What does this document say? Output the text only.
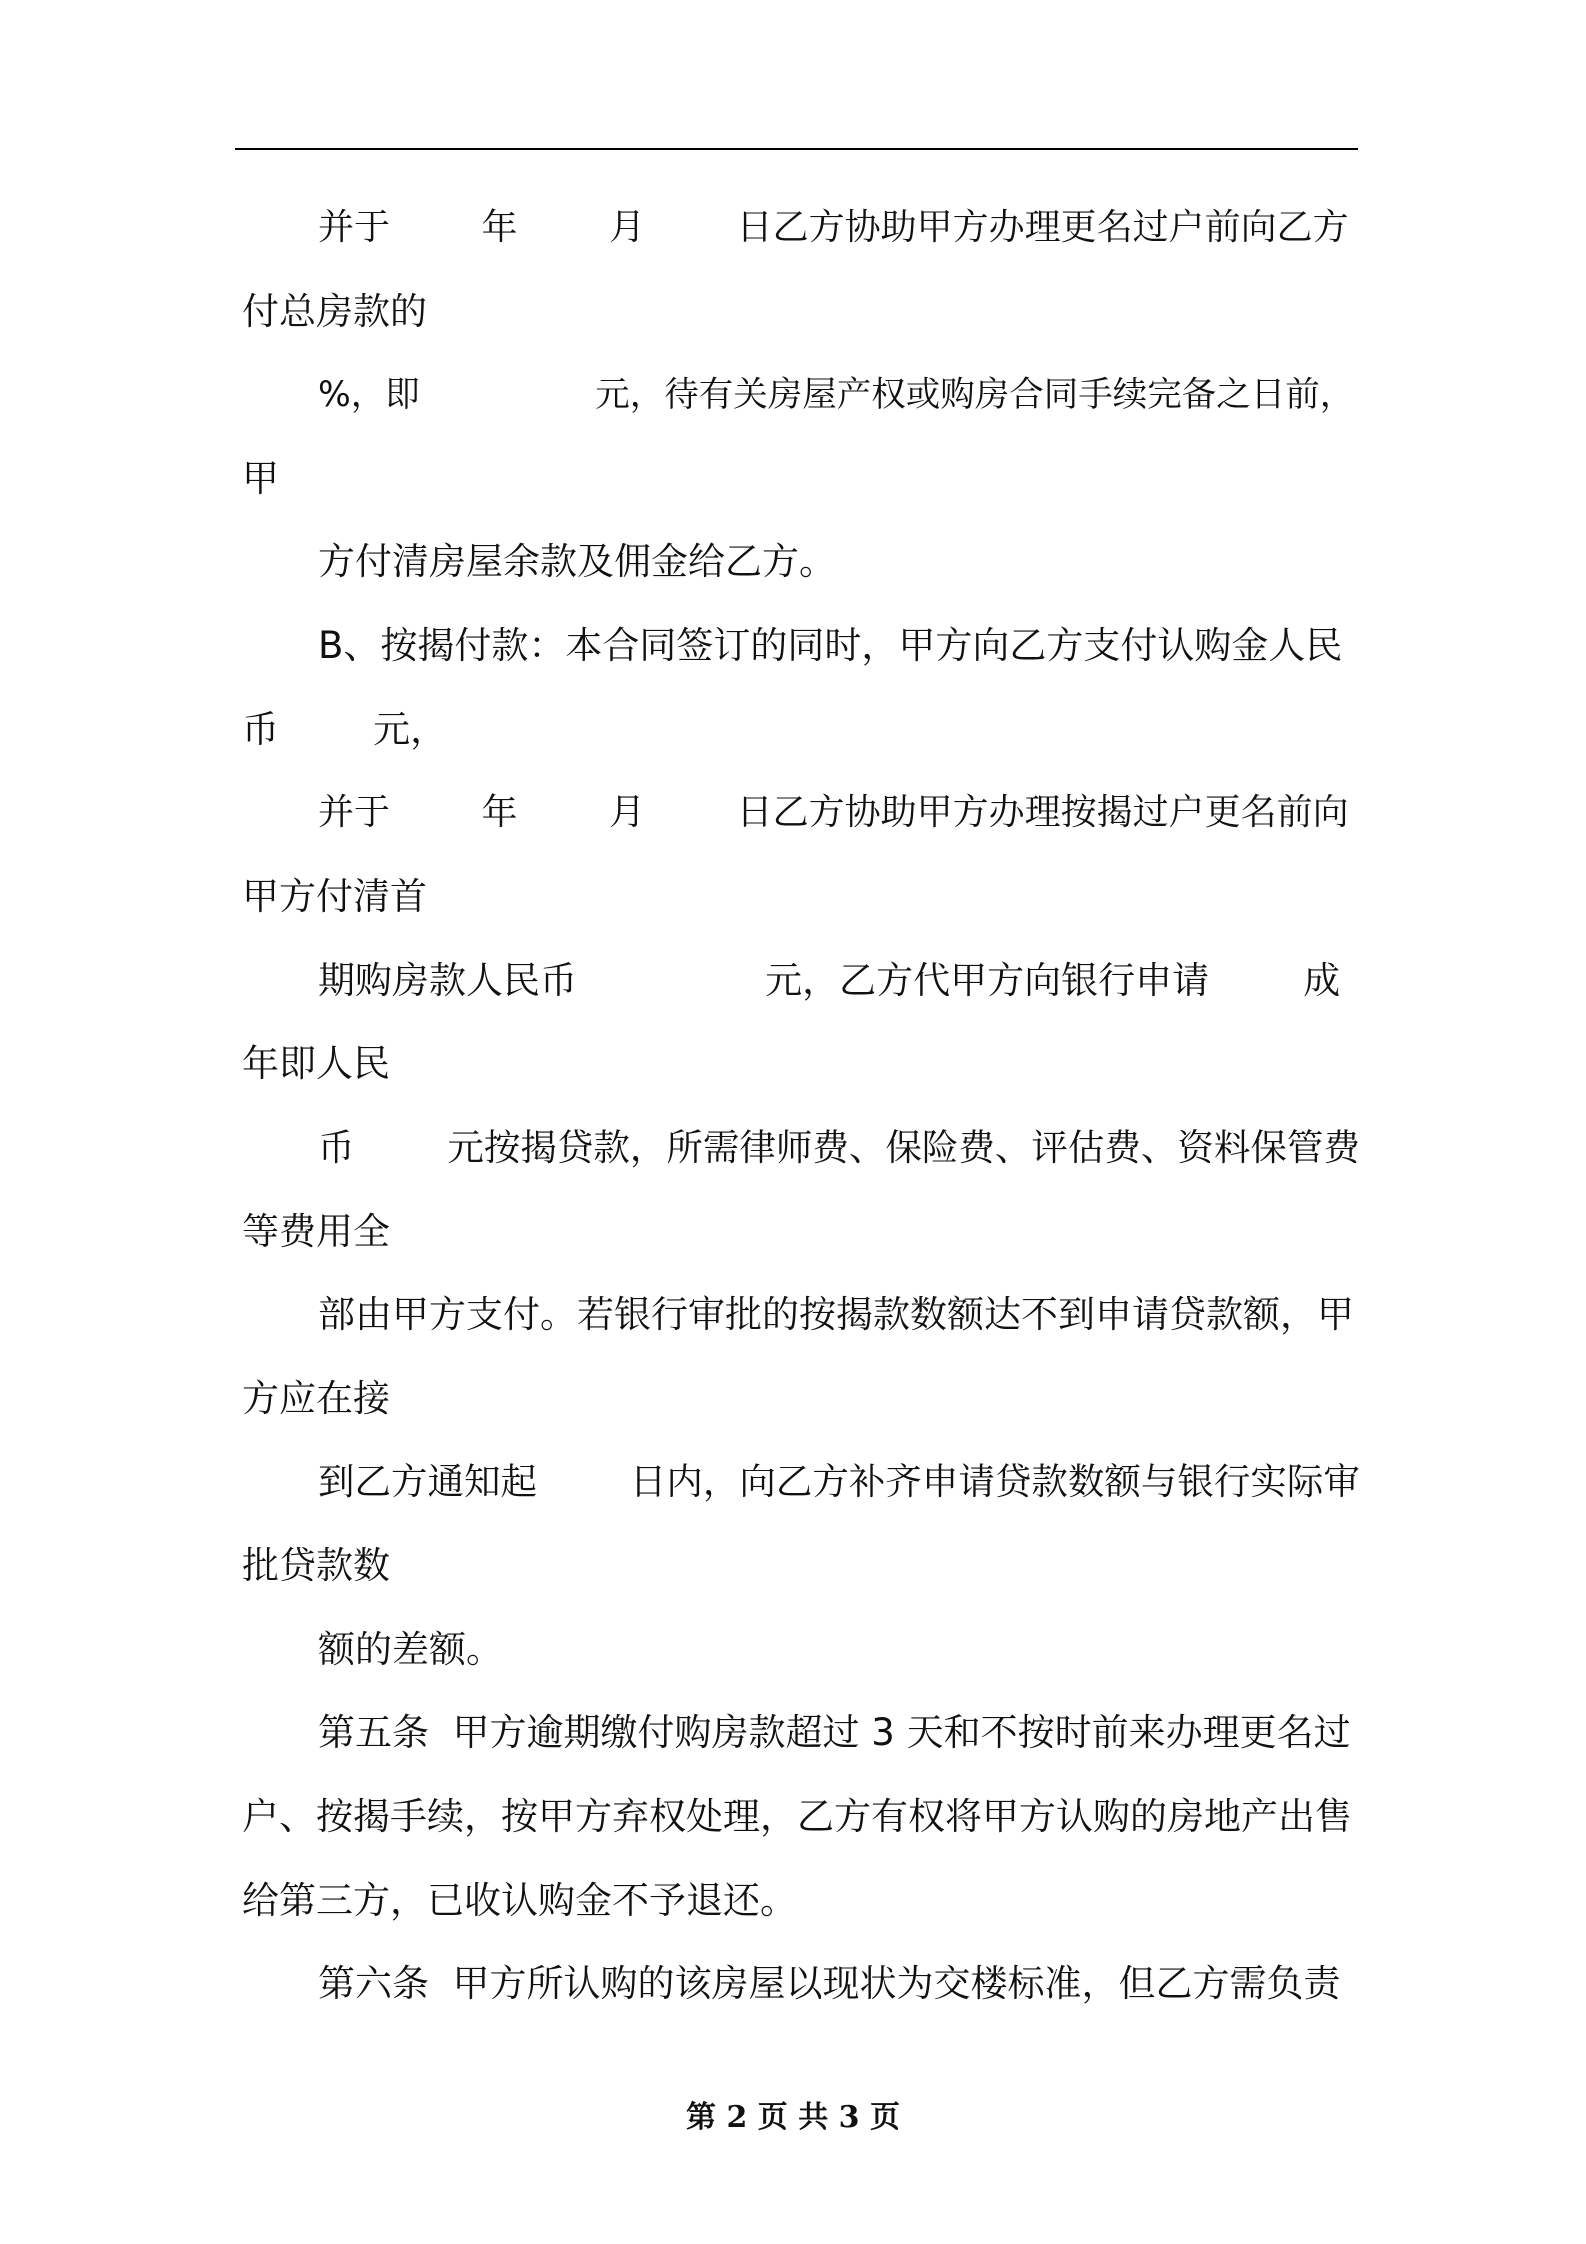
并于        年        月        日乙方协助甲方办理更名过户前向乙方
付总房款的
%，即                元，待有关房屋产权或购房合同手续完备之日前，
甲
方付清房屋余款及佣金给乙方。
B、按揭付款：本合同签订的同时，甲方向乙方支付认购金人民
币        元，
并于        年        月        日乙方协助甲方办理按揭过户更名前向
甲方付清首
期购房款人民币                元，乙方代甲方向银行申请        成
年即人民
币        元按揭贷款，所需律师费、保险费、评估费、资料保管费
等费用全
部由甲方支付。若银行审批的按揭款数额达不到申请贷款额，甲
方应在接
到乙方通知起        日内，向乙方补齐申请贷款数额与银行实际审
批贷款数
额的差额。
第五条  甲方逾期缴付购房款超过 3 天和不按时前来办理更名过
户、按揭手续，按甲方弃权处理，乙方有权将甲方认购的房地产出售
给第三方，已收认购金不予退还。
第六条  甲方所认购的该房屋以现状为交楼标准，但乙方需负责
第 2 页 共 3 页
